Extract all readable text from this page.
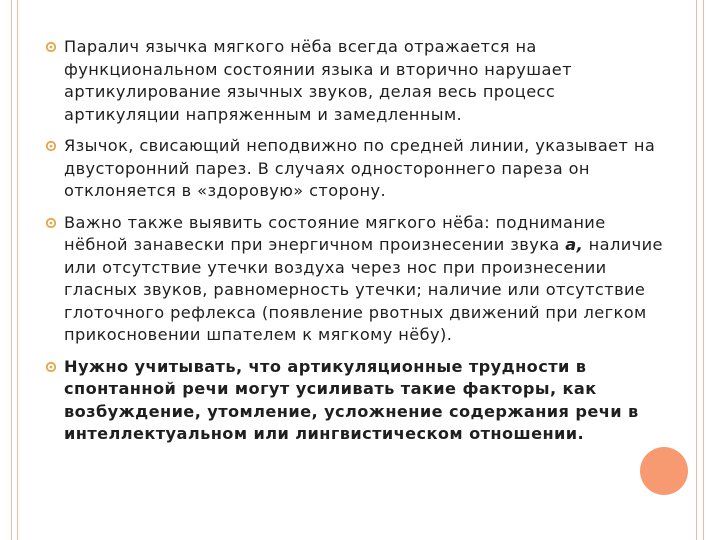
Паралич язычка мягкого нёба всегда отражается на функциональном состоянии языка и вторично нарушает артикулирование язычных звуков, делая весь процесс артикуляции напряженным и замедленным.
Язычок, свисающий неподвижно по средней линии, указывает на двусторонний парез. В случаях одностороннего пареза он отклоняется в «здоровую» сторону.
Важно также выявить состояние мягкого нёба: поднимание нёбной занавески при энергичном произнесении звука а, наличие или отсутствие утечки воздуха через нос при произнесении гласных звуков, равномерность утечки; наличие или отсутствие глоточного рефлекса (появление рвотных движений при легком прикосновении шпателем к мягкому нёбу).
Нужно учитывать, что артикуляционные трудности в спонтанной речи могут усиливать такие факторы, как возбуждение, утомление, усложнение содержания речи в интеллектуальном или лингвистическом отношении.
